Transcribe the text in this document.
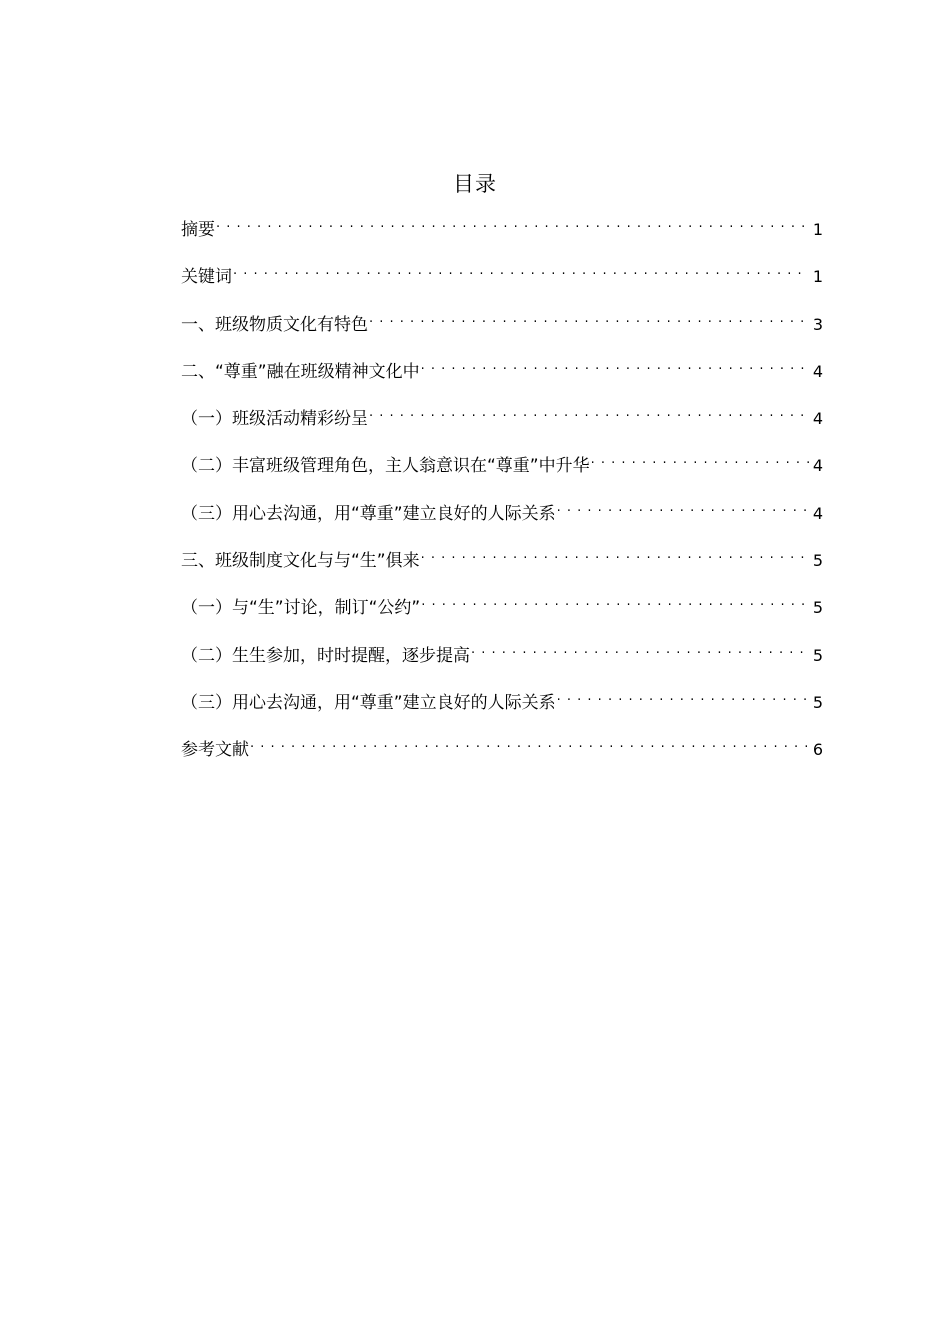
目录
摘要 · · ·	1
关键词 · · ·	1
一、班级物质文化有特色 · · ·	3
二、“尊重”融在班级精神文化中 · · ·	4
（一）班级活动精彩纷呈 · · ·	4
（二）丰富班级管理角色，主人翁意识在“尊重”中升华 · · ·	4
（三）用心去沟通，用“尊重”建立良好的人际关系 · · ·	4
三、班级制度文化与与“生”俱来 · · ·	5
（一）与“生”讨论，制订“公约” · · ·	5
（二）生生参加，时时提醒，逐步提高 · · ·	5
（三）用心去沟通，用“尊重”建立良好的人际关系 · · ·	5
参考文献 · · ·	6
